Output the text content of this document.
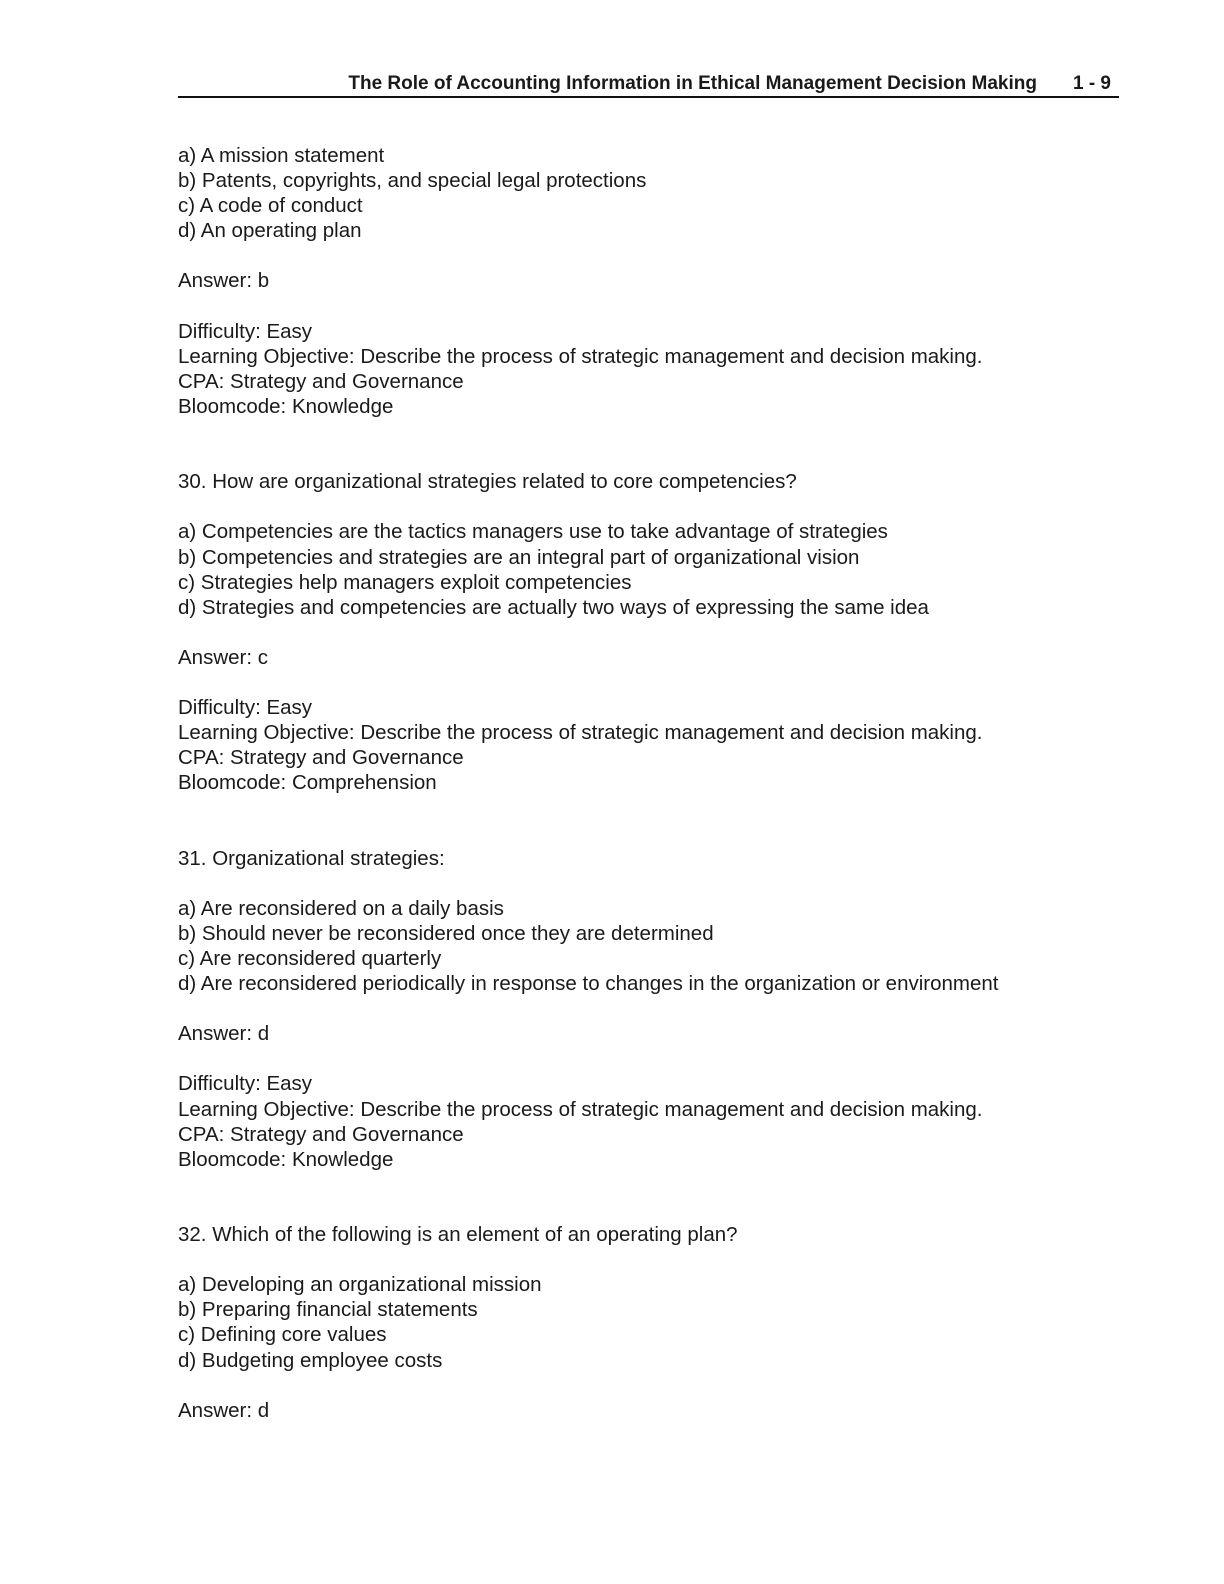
The Role of Accounting Information in Ethical Management Decision Making 1 - 9
a) A mission statement
b) Patents, copyrights, and special legal protections
c) A code of conduct
d) An operating plan
Answer: b
Difficulty: Easy
Learning Objective: Describe the process of strategic management and decision making.
CPA: Strategy and Governance
Bloomcode: Knowledge
30. How are organizational strategies related to core competencies?
a) Competencies are the tactics managers use to take advantage of strategies
b) Competencies and strategies are an integral part of organizational vision
c) Strategies help managers exploit competencies
d) Strategies and competencies are actually two ways of expressing the same idea
Answer: c
Difficulty: Easy
Learning Objective: Describe the process of strategic management and decision making.
CPA: Strategy and Governance
Bloomcode: Comprehension
31. Organizational strategies:
a) Are reconsidered on a daily basis
b) Should never be reconsidered once they are determined
c) Are reconsidered quarterly
d) Are reconsidered periodically in response to changes in the organization or environment
Answer: d
Difficulty: Easy
Learning Objective: Describe the process of strategic management and decision making.
CPA: Strategy and Governance
Bloomcode: Knowledge
32. Which of the following is an element of an operating plan?
a) Developing an organizational mission
b) Preparing financial statements
c) Defining core values
d) Budgeting employee costs
Answer: d
